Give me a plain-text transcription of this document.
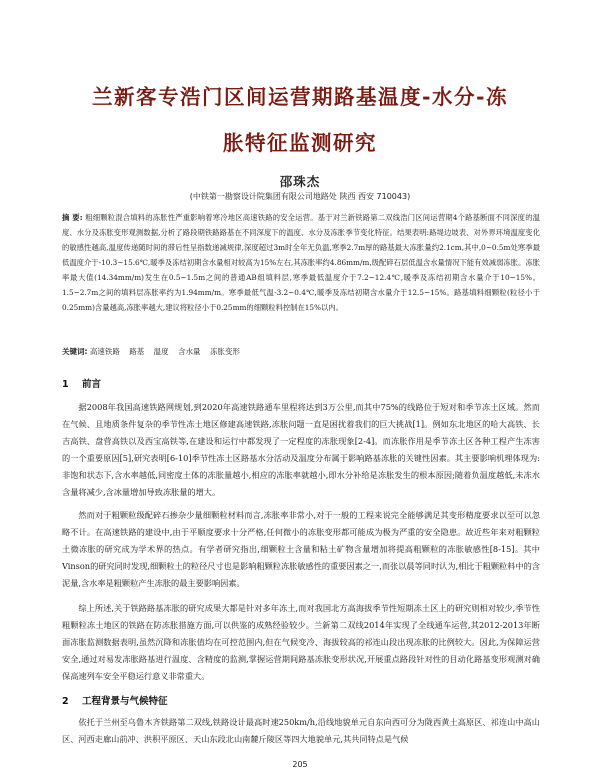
兰新客专浩门区间运营期路基温度-水分-冻
胀特征监测研究
邵珠杰
(中铁第一勘察设计院集团有限公司地路处 陕西 西安 710043)
摘 要: 粗细颗粒混合填料的冻胀性严重影响着寒冷地区高速铁路的安全运营。基于对兰新铁路第二双线浩门区间运营期4个路基断面不同深度的温度、水分及冻胀变形观测数据,分析了路段期铁路路基在不同深度下的温度、水分及冻胀季节变化特征。结果表明:路堤边坡表、对外界环境温度变化的敏感性越高,温度传递随时间的滞后性呈指数递减规律,深度超过3m时全年无负温,寒季2.7m厚的路基最大冻胀量约2.1cm,其中,0~0.5m处寒季最低温度介于-10.3~15.6℃,暖季及冻结初期含水量相对较高为15%左右,其冻胀率约4.86mm/m,级配碎石层低温含水量情况下能有效减弱冻胀。冻胀率最大值(14.34mm/m)发生在0.5~1.5m之间的普通AB组填料层,寒季最低温度介于7.2~12.4℃,暖季及冻结初期含水量介于10~15%。1.5~2.7m之间的填料层冻胀率约为1.94mm/m。寒季最低气温-3.2~0.4℃,暖季及冻结初期含水量介于12.5~15%。路基填料细颗粒(粒径小于0.25mm)含量越高,冻胀率越大,建议将粒径小于0.25mm的细颗粒料控制在15%以内。
关键词: 高速铁路 路基 温度 含水量 冻胀变形
1 前言
据2008年我国高速铁路网规划,到2020年高速铁路通车里程将达到3万公里,而其中75%的线路位于短对和季节冻土区域。然而在气候、且地质条件复杂的季节性冻土地区修建高速铁路,冻胀问题一直是困扰着我们的巨大挑战[1]。例如东北地区的哈大高铁、长吉高铁、盘营高铁以及西宝高铁等,在建设和运行中都发现了一定程度的冻胀现象[2-4]。而冻胀作用是季节冻土区各种工程产生冻害的一个重要原因[5],研究表明[6-10]季节性冻土区路基水分活动及温度分布属于影响路基冻胀的关键性因素。其主要影响机理体现为:非饱和状态下,含水率越低,同密度土体的冻胀量越小,相应的冻胀率就越小,即水分补给是冻胀发生的根本原因;随着负温度越低,未冻水含量将减少,含冰量增加导致冻胀量的增大。
然而对于粗颗粒级配碎石掺杂少量细颗粒材料而言,冻胀率非常小,对于一般的工程来说完全能够满足其变形精度要求以至可以忽略不计。在高速铁路的建设中,由于平顺度要求十分严格,任何微小的冻胀变形都可能成为极为严重的安全隐患。故近些年来对粗颗粒土微冻胀的研究成为学术界的热点。有学者研究指出,细颗粒土含量和粘土矿物含量增加将提高粗颗粒的冻胀敏感性[8-15]。其中Vinson的研究同时发现,细颗粒土的粒径尺寸也是影响粗颗粒冻胀敏感性的重要因素之一,而张以晨等同时认为,相比于粗颗粒料中的含泥量,含水率是粗颗粒产生冻胀的最主要影响因素。
综上所述,关于铁路路基冻胀的研究成果大都是针对多年冻土,而对我国北方高海拔季节性短期冻土区上的研究则相对较少,季节性粗颗粒冻土地区的铁路在防冻胀措施方面,可以供鉴的成熟经验较少。兰新第二双线2014年实现了全线通车运营,其2012-2013年断面冻胀监测数据表明,虽然沉降和冻胀值均在可控范围内,但在气候变冷、海拔较高的祁连山段出现冻胀的比例较大。因此,为保障运营安全,通过对易发冻胀路基进行温度、含精度的监测,掌握运营期间路基冻胀变形状况,开展重点路段针对性的目动化路基变形观测对确保高速列车安全平稳运行意义非常重大。
2 工程背景与气候特征
依托于兰州至乌鲁木齐铁路第二双线,铁路设计最高时速250km/h,沿线地貌单元自东向西可分为陇西黄土高原区、祁连山中高山区、河西走廊山前冲、洪积平原区、天山东段北山南麓斤陵区等四大地貌单元,其共同特点是气候
205
